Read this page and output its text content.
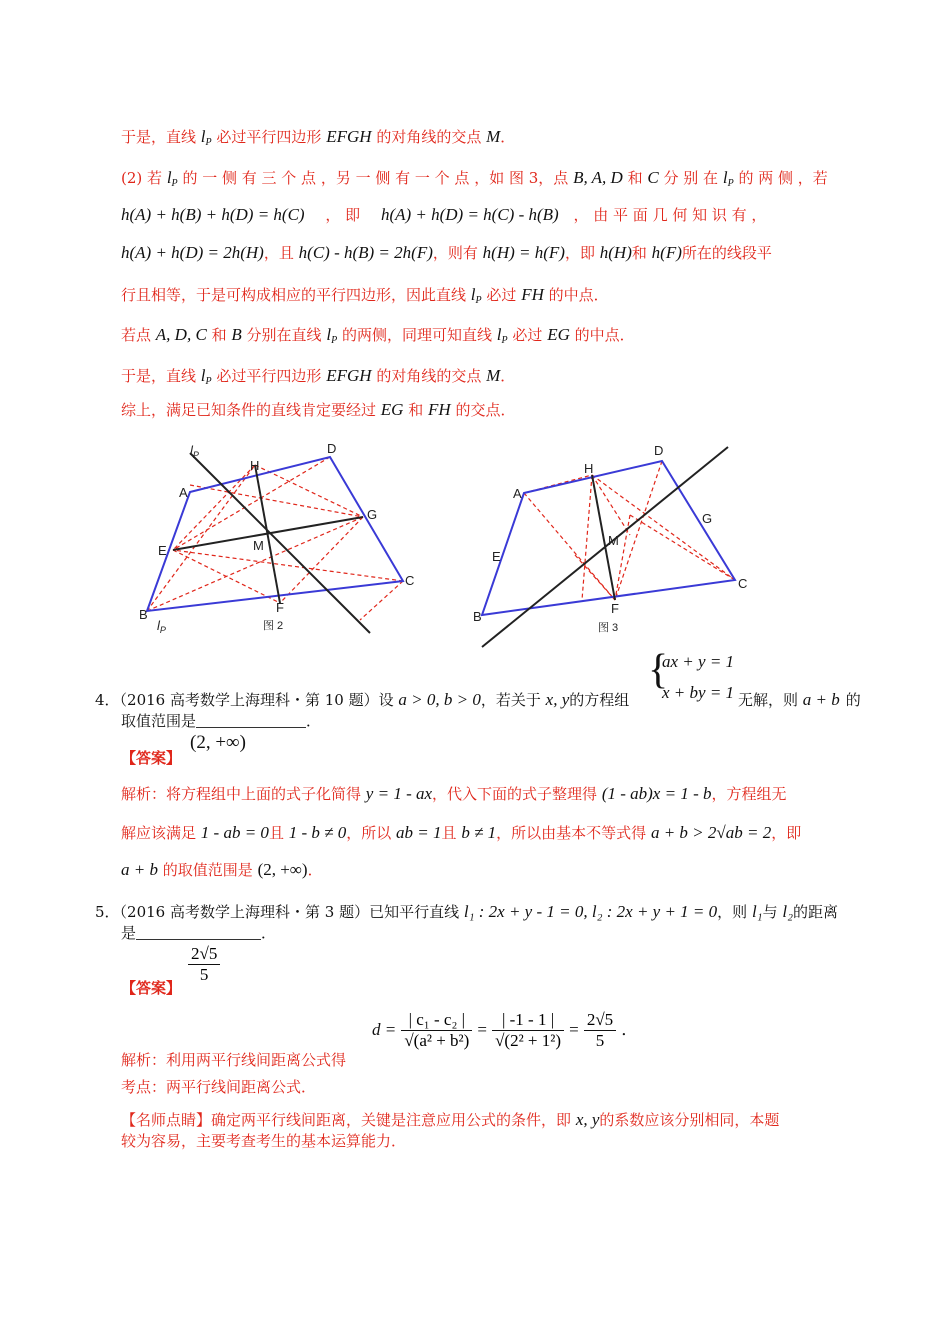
于是，直线 $l_P$ 必过平行四边形 EFGH 的对角线的交点 M．
(2) 若 $l_P$ 的 一 侧 有 三 个 点 ，另 一 侧 有 一 个 点 ，如 图 3，点 B, A, D 和 C 分 别 在 $l_P$ 的 两 侧 ，若
h(A) + h(B) + h(D) = h(C) ， 即 h(A) + h(D) = h(C) - h(B) ， 由 平 面 几 何 知 识 有 ，
h(A) + h(D) = 2h(H)，且 h(C) - h(B) = 2h(F)，则有 h(H) = h(F)，即 h(H)和 h(F)所在的线段平
行且相等，于是可构成相应的平行四边形，因此直线 $l_P$ 必过 FH 的中点．
若点 A, D, C 和 B 分别在直线 $l_P$ 的两侧，同理可知直线 $l_P$ 必过 EG 的中点．
于是，直线 $l_P$ 必过平行四边形 EFGH 的对角线的交点 M．
综上，满足已知条件的直线肯定要经过 EG 和 FH 的交点．
A
B
C
D
E
F
G
H
M
$l_P$
$l_P$	图 2
A
B
C
D
E
F
G
H
M
图 3
{
ax + y = 1
x + by = 1
4．（2016 高考数学上海理科・第 10 题）设 a > 0, b > 0，若关于 x, y的方程组	无解，则 a + b 的
取值范围是	．
(2, +∞)
【答案】
解析：将方程组中上面的式子化简得 y = 1 - ax，代入下面的式子整理得 (1 - ab)x = 1 - b，方程组无
解应该满足 1 - ab = 0且 1 - b ≠ 0，所以 ab = 1且 b ≠ 1，所以由基本不等式得 a + b > 2√ab = 2，即
a + b 的取值范围是 (2, +∞)．
5．（2016 高考数学上海理科・第 3 题）已知平行直线 l₁ : 2x + y - 1 = 0, l₂ : 2x + y + 1 = 0，则 l₁与 l₂的距离
是	．
$\frac{2√5}{5}$
【答案】
$d = \frac{\text{| c₁ - c₂ |}}{\text{√(a² + b²)}} = \frac{| -1 - 1 |}{\text{√(2² + 1²)}} = \frac{2√5}{5}$ ．
解析：利用两平行线间距离公式得
考点：两平行线间距离公式．
【名师点睛】确定两平行线间距离，关键是注意应用公式的条件，即 x, y的系数应该分别相同，本题
较为容易，主要考查考生的基本运算能力．
